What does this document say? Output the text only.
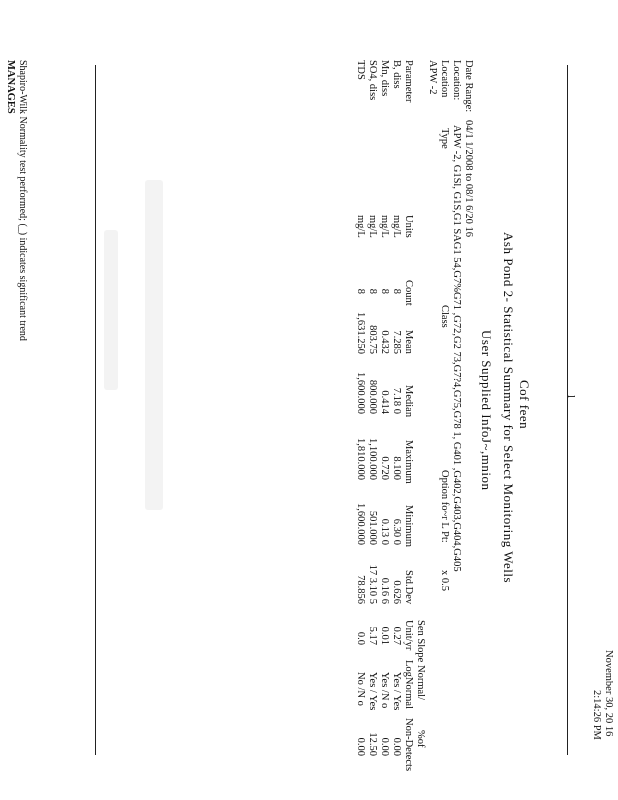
November 30, 20 16
2:14:26 PM
l
Cof feen
Ash Pond 2- Statistical Summary for Select Monitoring Wells
User Supplied InfoJ~,mnion
Date Range:
04/1 1/2008 to 08/1 6/20 16
Location:
APW -2, G1Sl, G1S,G1 SAG1 54,G7%G71 ,G72,G2 73,G7?4,G75,G78 1, G401 ,G402,G403,G404,G405
Location
Type
Class
Option fo~r L Pt:
x 0.5
APW -2
Parameter
Units
Count
Mean
Median
Maximum
Minimum
Std.Dev
Sen Slope
Normal/
%of
Unit/yr
LogNormal
Non-Detects
B, diss
mg/L
8
7.285
7.18 0
8.100
6.30 0
0.626
0.27
Yes / Yes
0.00
Mn, diss
mg/L
8
0.432
0.414
0.720
0.13 0
0.16 6
0.01
Yes /N o
0.00
SO4, diss
mg/L
8
803.75
800.000
1,100.000
501.000
17 3.10 5
5.17
Yes / Yes
12.50
TDS
mg/L
8
1,631.250
1,600.000
1,810.000
1,600.000
78.856
0.0
No /N o
0.00
Shapiro-Wilk Normality test performed; (_) indicates significant trend
MANAGES
